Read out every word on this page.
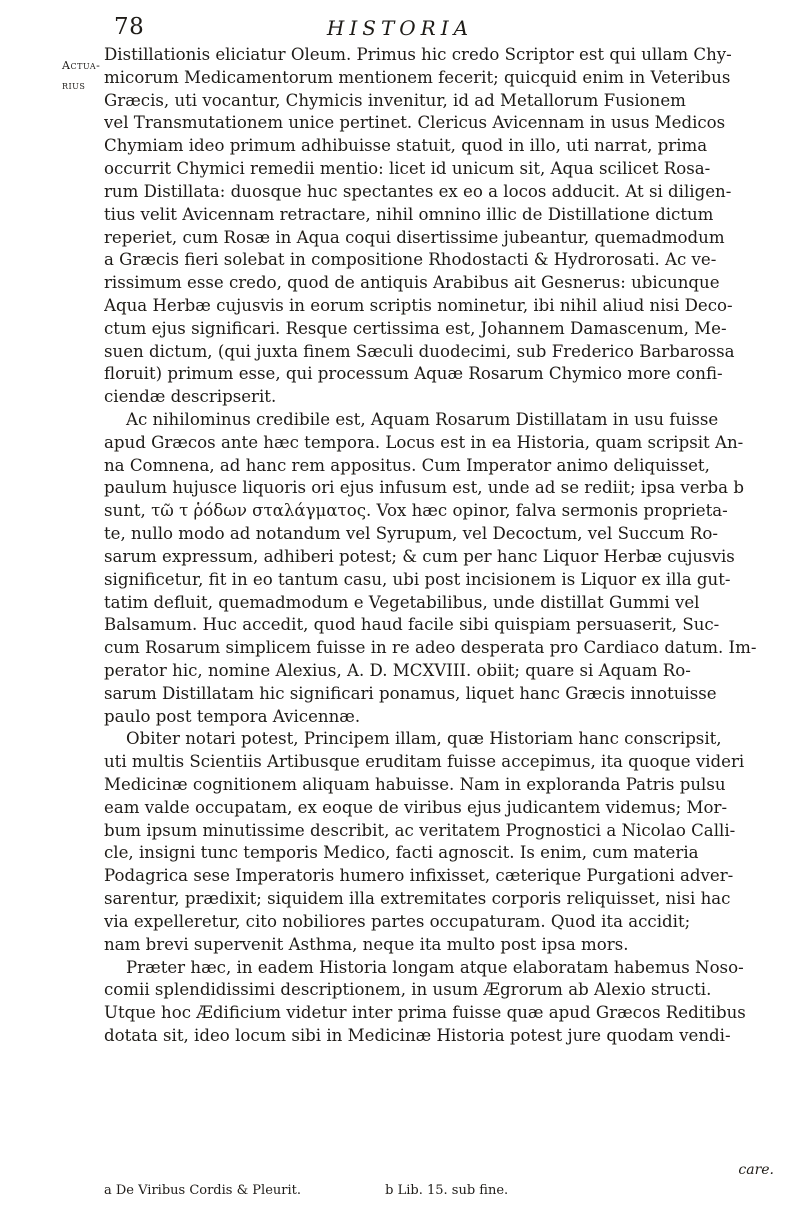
78	HISTORIA
Actua-
rius
Distillationis eliciatur Oleum. Primus hic credo Scriptor est qui ullam Chy-
micorum Medicamentorum mentionem fecerit; quicquid enim in Veteribus
Græcis, uti vocantur, Chymicis invenitur, id ad Metallorum Fusionem
vel Transmutationem unice pertinet. Clericus Avicennam in usus Medicos
Chymiam ideo primum adhibuisse statuit, quod in illo, uti narrat, prima
occurrit Chymici remedii mentio: licet id unicum sit, Aqua scilicet Rosa-
rum Distillata: duosque huc spectantes ex eo a locos adducit. At si diligen-
tius velit Avicennam retractare, nihil omnino illic de Distillatione dictum
reperiet, cum Rosæ in Aqua coqui disertissime jubeantur, quemadmodum
a Græcis fieri solebat in compositione Rhodostacti & Hydrorosati. Ac ve-
rissimum esse credo, quod de antiquis Arabibus ait Gesnerus: ubicunque
Aqua Herbæ cujusvis in eorum scriptis nominetur, ibi nihil aliud nisi Deco-
ctum ejus significari. Resque certissima est, Johannem Damascenum, Me-
suen dictum, (qui juxta finem Sæculi duodecimi, sub Frederico Barbarossa
floruit) primum esse, qui processum Aquæ Rosarum Chymico more confi-
ciendæ descripserit.
Ac nihilominus credibile est, Aquam Rosarum Distillatam in usu fuisse
apud Græcos ante hæc tempora. Locus est in ea Historia, quam scripsit An-
na Comnena, ad hanc rem appositus. Cum Imperator animo deliquisset,
paulum hujusce liquoris ori ejus infusum est, unde ad se rediit; ipsa verba b
sunt, τῶ τ ῥόδων σταλάγματος. Vox hæc opinor, falva sermonis proprieta-
te, nullo modo ad notandum vel Syrupum, vel Decoctum, vel Succum Ro-
sarum expressum, adhiberi potest; & cum per hanc Liquor Herbæ cujusvis
significetur, fit in eo tantum casu, ubi post incisionem is Liquor ex illa gut-
tatim defluit, quemadmodum e Vegetabilibus, unde distillat Gummi vel
Balsamum. Huc accedit, quod haud facile sibi quispiam persuaserit, Suc-
cum Rosarum simplicem fuisse in re adeo desperata pro Cardiaco datum. Im-
perator hic, nomine Alexius, A. D. MCXVIII. obiit; quare si Aquam Ro-
sarum Distillatam hic significari ponamus, liquet hanc Græcis innotuisse
paulo post tempora Avicennæ.
Obiter notari potest, Principem illam, quæ Historiam hanc conscripsit,
uti multis Scientiis Artibusque eruditam fuisse accepimus, ita quoque videri
Medicinæ cognitionem aliquam habuisse. Nam in exploranda Patris pulsu
eam valde occupatam, ex eoque de viribus ejus judicantem videmus; Mor-
bum ipsum minutissime describit, ac veritatem Prognostici a Nicolao Calli-
cle, insigni tunc temporis Medico, facti agnoscit. Is enim, cum materia
Podagrica sese Imperatoris humero infixisset, cæterique Purgationi adver-
sarentur, prædixit; siquidem illa extremitates corporis reliquisset, nisi hac
via expelleretur, cito nobiliores partes occupaturam. Quod ita accidit;
nam brevi supervenit Asthma, neque ita multo post ipsa mors.
Præter hæc, in eadem Historia longam atque elaboratam habemus Noso-
comii splendidissimi descriptionem, in usum Ægrorum ab Alexio structi.
Utque hoc Ædificium videtur inter prima fuisse quæ apud Græcos Reditibus
dotata sit, ideo locum sibi in Medicinæ Historia potest jure quodam vendi-
care.
a De Viribus Cordis & Pleurit.	b Lib. 15. sub fine.
